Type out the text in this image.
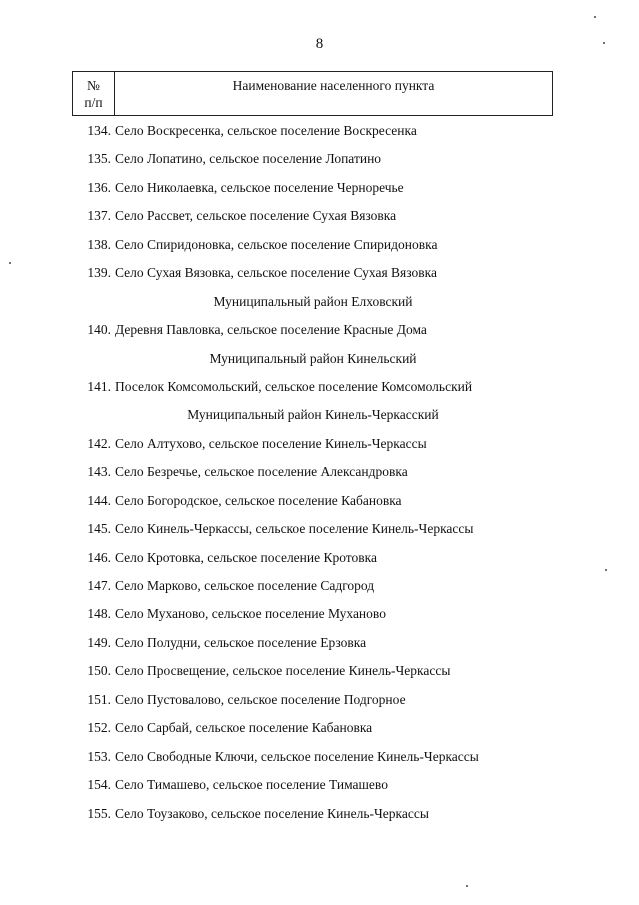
8
№
п/п
Наименование населенного пункта
134. Село Воскресенка, сельское поселение Воскресенка
135. Село Лопатино, сельское поселение Лопатино
136. Село Николаевка, сельское поселение Черноречье
137. Село Рассвет, сельское поселение Сухая Вязовка
138. Село Спиридоновка, сельское поселение Спиридоновка
139. Село Сухая Вязовка, сельское поселение Сухая Вязовка
Муниципальный район Елховский
140. Деревня Павловка, сельское поселение Красные Дома
Муниципальный район Кинельский
141. Поселок Комсомольский, сельское поселение Комсомольский
Муниципальный район Кинель-Черкасский
142. Село Алтухово, сельское поселение Кинель-Черкассы
143. Село Безречье, сельское поселение Александровка
144. Село Богородское, сельское поселение Кабановка
145. Село Кинель-Черкассы, сельское поселение Кинель-Черкассы
146. Село Кротовка, сельское поселение Кротовка
147. Село Марково, сельское поселение Садгород
148. Село Муханово, сельское поселение Муханово
149. Село Полудни, сельское поселение Ерзовка
150. Село Просвещение, сельское поселение Кинель-Черкассы
151. Село Пустовалово, сельское поселение Подгорное
152. Село Сарбай, сельское поселение Кабановка
153. Село Свободные Ключи, сельское поселение Кинель-Черкассы
154. Село Тимашево, сельское поселение Тимашево
155. Село Тоузаково, сельское поселение Кинель-Черкассы
